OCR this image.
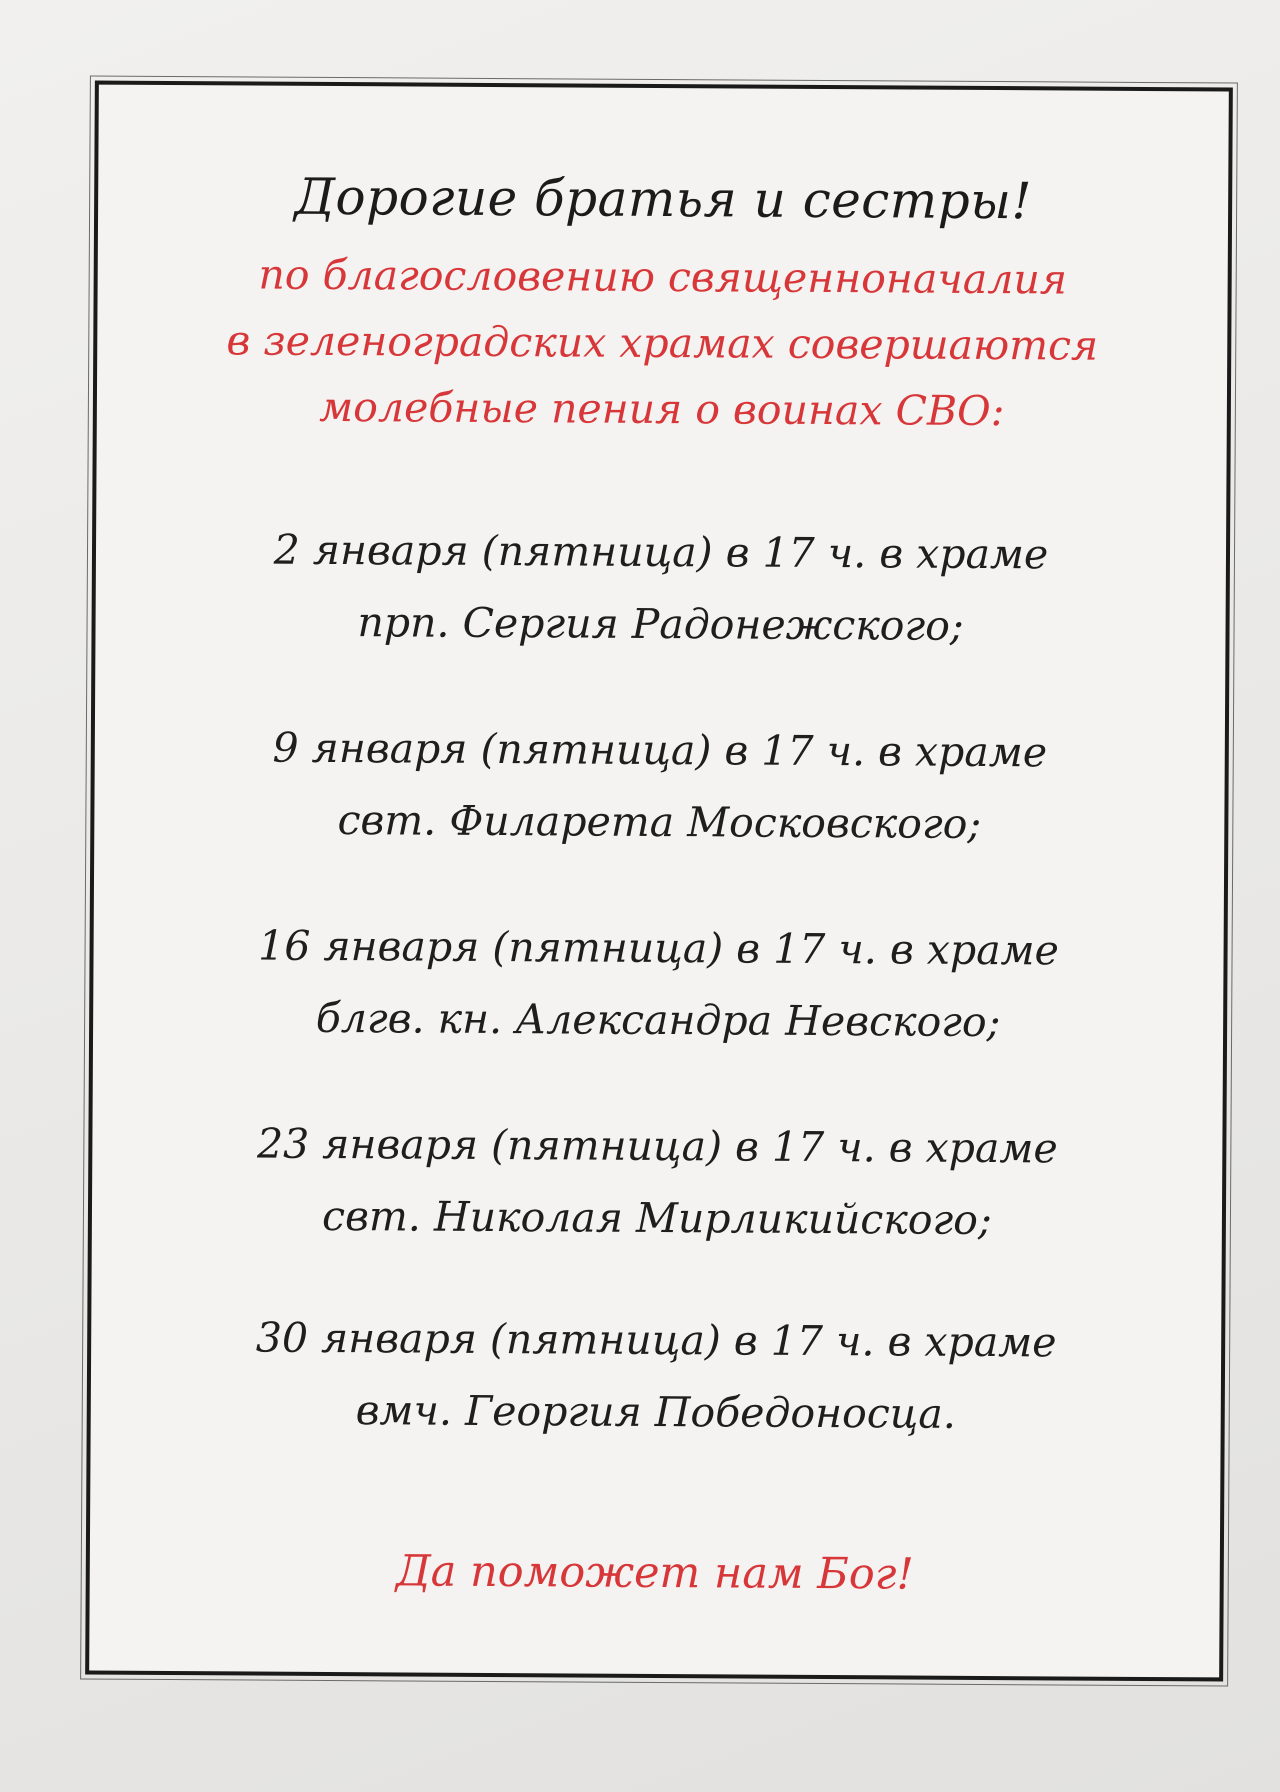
Дорогие братья и сестры!
по благословению священноначалия
в зеленоградских храмах совершаются
молебные пения о воинах СВО:
2 января (пятница) в 17 ч. в храме
прп. Сергия Радонежского;
9 января (пятница) в 17 ч. в храме
свт. Филарета Московского;
16 января (пятница) в 17 ч. в храме
блгв. кн. Александра Невского;
23 января (пятница) в 17 ч. в храме
свт. Николая Мирликийского;
30 января (пятница) в 17 ч. в храме
вмч. Георгия Победоносца.
Да поможет нам Бог!
